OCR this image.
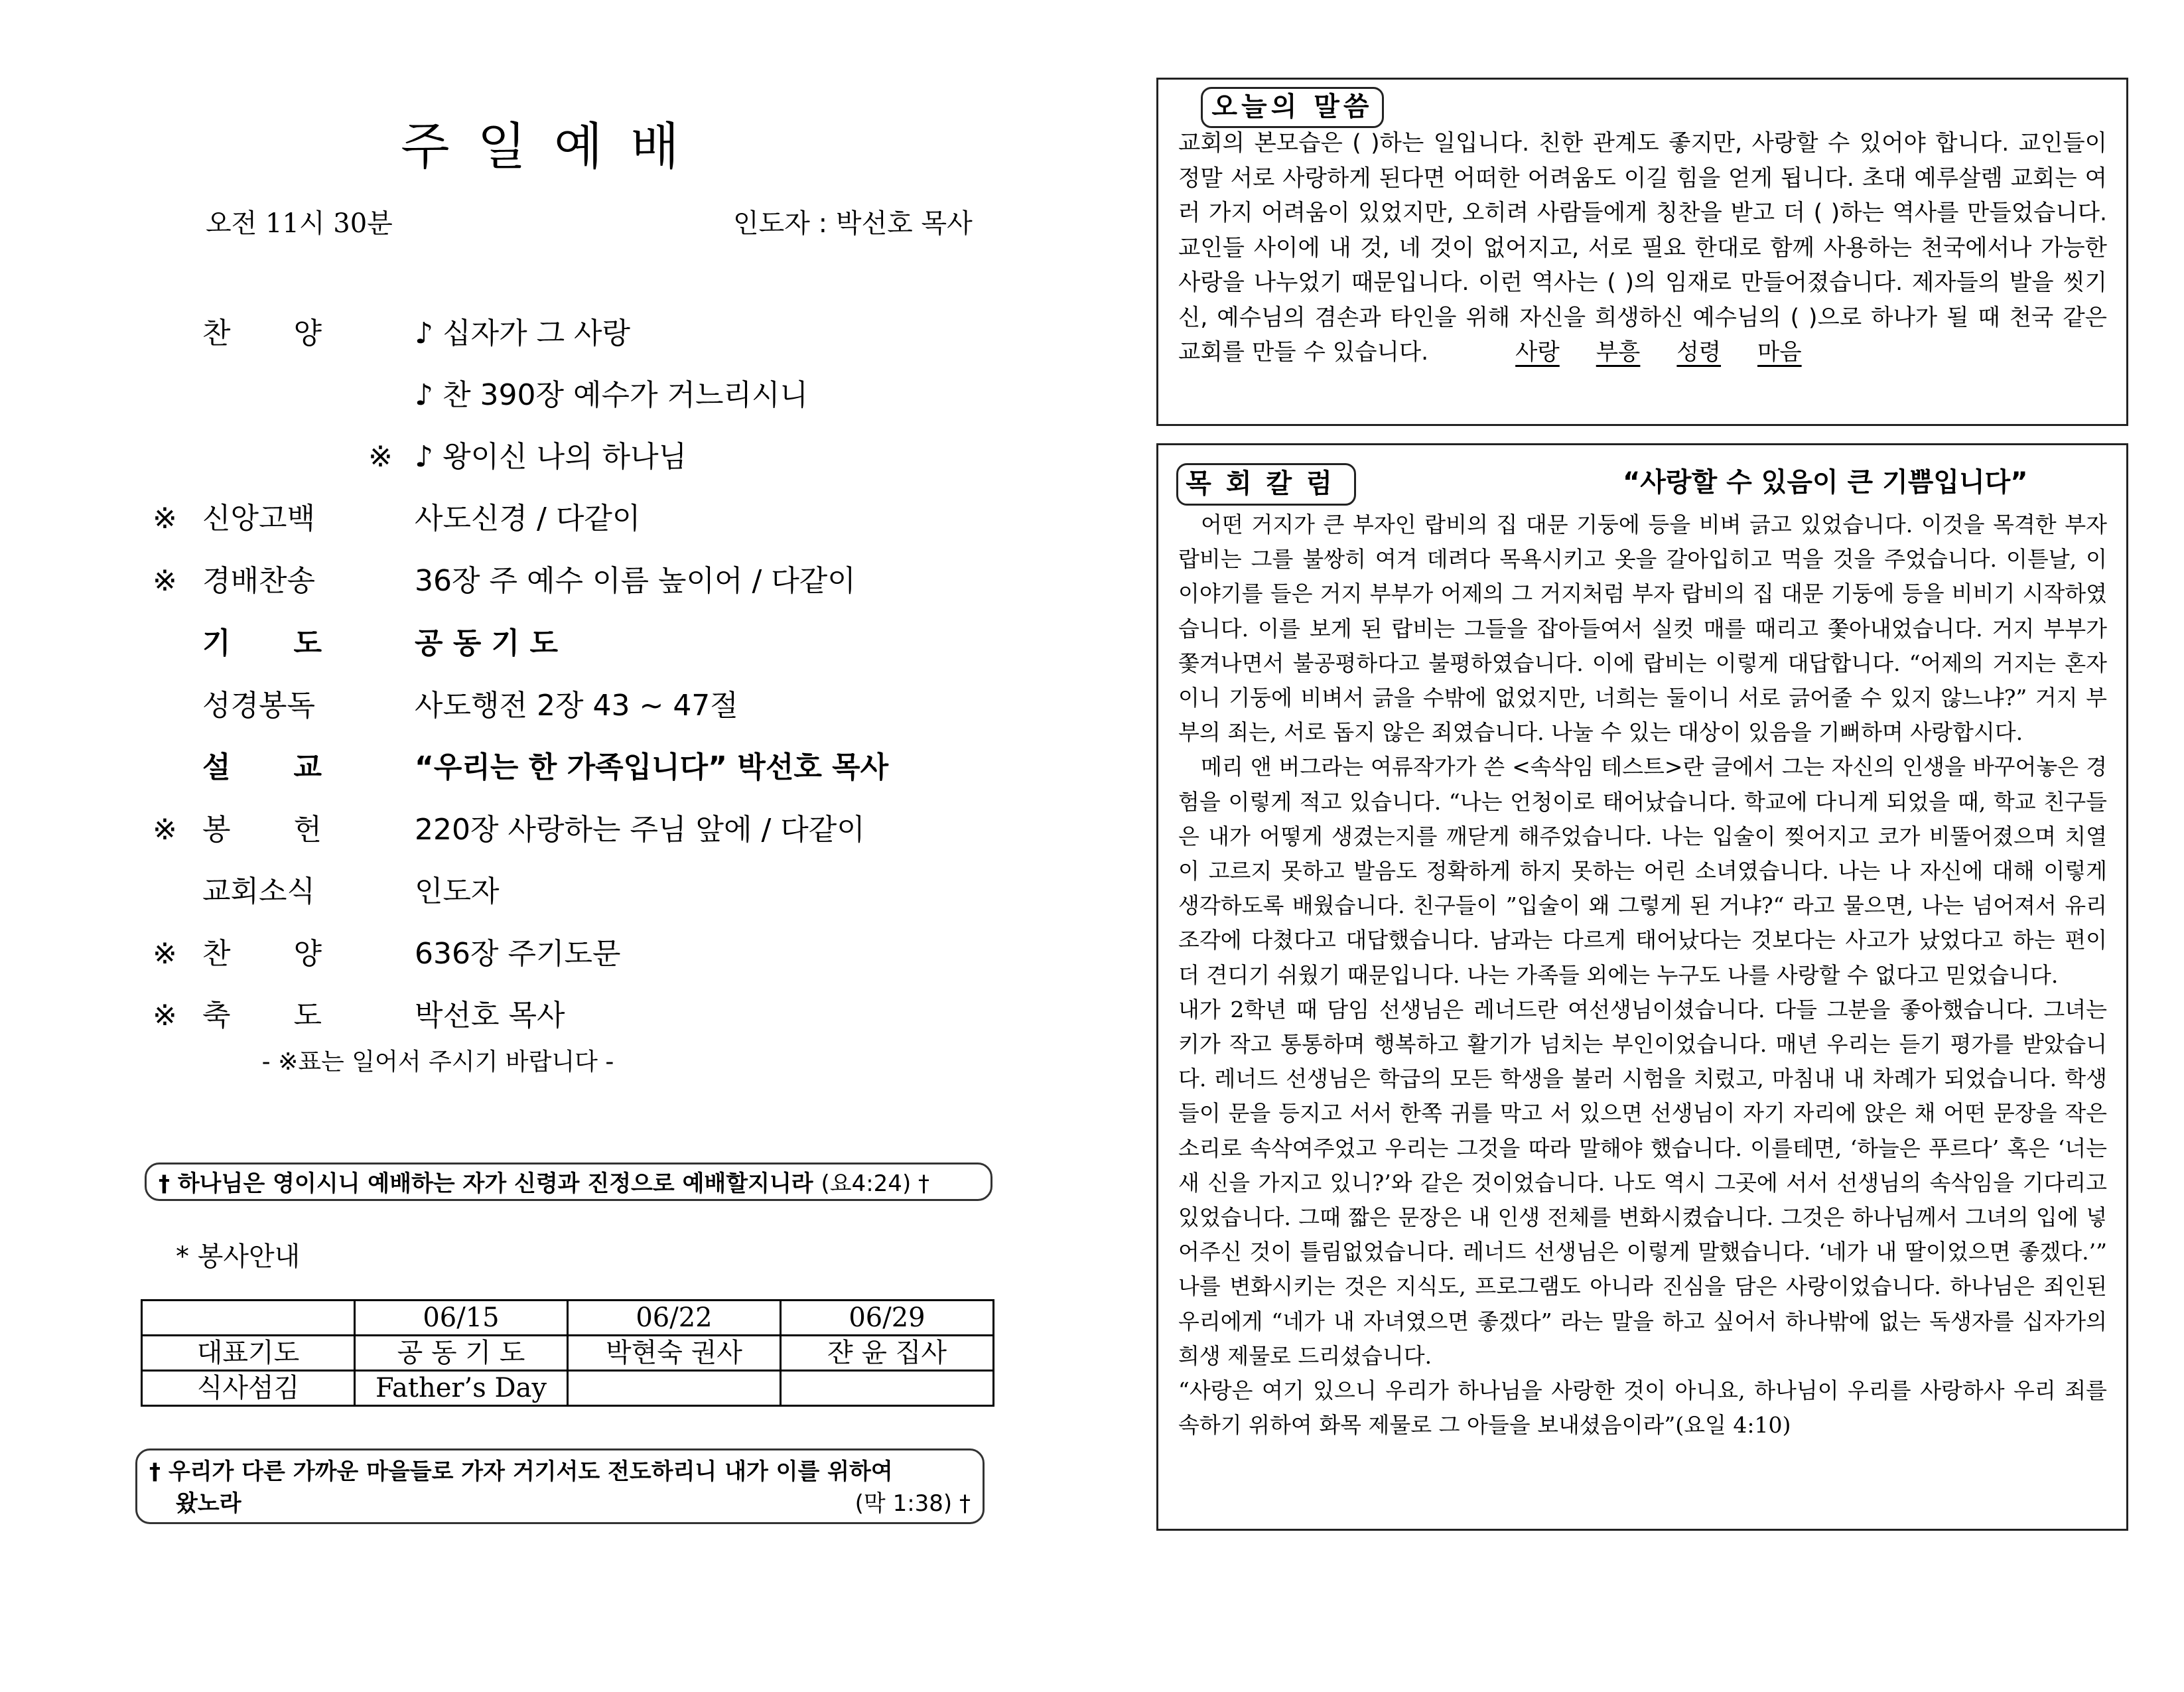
주일예배
오전 11시 30분	인도자 : 박선호 목사
찬 양	♪ 십자가 그 사랑
♪ 찬 390장 예수가 거느리시니
※ ♪ 왕이신 나의 하나님
※ 신앙고백	사도신경 / 다같이
※ 경배찬송	36장 주 예수 이름 높이어 / 다같이
기 도	공 동 기 도
성경봉독	사도행전 2장 43 ~ 47절
설 교	“우리는 한 가족입니다” 박선호 목사
※ 봉 헌	220장 사랑하는 주님 앞에 / 다같이
교회소식	인도자
※ 찬 양	636장 주기도문
※ 축 도	박선호 목사
- ※표는 일어서 주시기 바랍니다 -
† 하나님은 영이시니 예배하는 자가 신령과 진정으로 예배할지니라 (요4:24) †
* 봉사안내
	06/15	06/22	06/29
대표기도	공 동 기 도	박현숙 권사	쟌 윤 집사
식사섬김	Father’s Day		
† 우리가 다른 가까운 마을들로 가자 거기서도 전도하리니 내가 이를 위하여
왔노라	(막 1:38) †
오늘의 말씀
교회의 본모습은 ( )하는 일입니다. 친한 관계도 좋지만, 사랑할 수 있어야 합니다. 교인들이 정말 서로 사랑하게 된다면 어떠한 어려움도 이길 힘을 얻게 됩니다. 초대 예루살렘 교회는 여러 가지 어려움이 있었지만, 오히려 사람들에게 칭찬을 받고 더 ( )하는 역사를 만들었습니다. 교인들 사이에 내 것, 네 것이 없어지고, 서로 필요 한대로 함께 사용하는 천국에서나 가능한 사랑을 나누었기 때문입니다. 이런 역사는 ( )의 임재로 만들어졌습니다. 제자들의 발을 씻기신, 예수님의 겸손과 타인을 위해 자신을 희생하신 예수님의 ( )으로 하나가 될 때 천국 같은 교회를 만들 수 있습니다.	사랑 부흥 성령 마음
목회칼럼	“사랑할 수 있음이 큰 기쁨입니다”

어떤 거지가 큰 부자인 랍비의 집 대문 기둥에 등을 비벼 긁고 있었습니다. 이것을 목격한 부자 랍비는 그를 불쌍히 여겨 데려다 목욕시키고 옷을 갈아입히고 먹을 것을 주었습니다. 이튿날, 이 이야기를 들은 거지 부부가 어제의 그 거지처럼 부자 랍비의 집 대문 기둥에 등을 비비기 시작하였습니다. 이를 보게 된 랍비는 그들을 잡아들여서 실컷 매를 때리고 쫓아내었습니다. 거지 부부가 쫓겨나면서 불공평하다고 불평하였습니다. 이에 랍비는 이렇게 대답합니다. “어제의 거지는 혼자이니 기둥에 비벼서 긁을 수밖에 없었지만, 너희는 둘이니 서로 긁어줄 수 있지 않느냐?” 거지 부부의 죄는, 서로 돕지 않은 죄였습니다. 나눌 수 있는 대상이 있음을 기뻐하며 사랑합시다.

메리 앤 버그라는 여류작가가 쓴 <속삭임 테스트>란 글에서 그는 자신의 인생을 바꾸어놓은 경험을 이렇게 적고 있습니다. “나는 언청이로 태어났습니다. 학교에 다니게 되었을 때, 학교 친구들은 내가 어떻게 생겼는지를 깨닫게 해주었습니다. 나는 입술이 찢어지고 코가 비뚤어졌으며 치열이 고르지 못하고 발음도 정확하게 하지 못하는 어린 소녀였습니다. 나는 나 자신에 대해 이렇게 생각하도록 배웠습니다. 친구들이 ”입술이 왜 그렇게 된 거냐?“ 라고 물으면, 나는 넘어져서 유리 조각에 다쳤다고 대답했습니다. 남과는 다르게 태어났다는 것보다는 사고가 났었다고 하는 편이 더 견디기 쉬웠기 때문입니다. 나는 가족들 외에는 누구도 나를 사랑할 수 없다고 믿었습니다.

내가 2학년 때 담임 선생님은 레너드란 여선생님이셨습니다. 다들 그분을 좋아했습니다. 그녀는 키가 작고 통통하며 행복하고 활기가 넘치는 부인이었습니다. 매년 우리는 듣기 평가를 받았습니다. 레너드 선생님은 학급의 모든 학생을 불러 시험을 치렀고, 마침내 내 차례가 되었습니다. 학생들이 문을 등지고 서서 한쪽 귀를 막고 서 있으면 선생님이 자기 자리에 앉은 채 어떤 문장을 작은 소리로 속삭여주었고 우리는 그것을 따라 말해야 했습니다. 이를테면, ‘하늘은 푸르다’ 혹은 ‘너는 새 신을 가지고 있니?’와 같은 것이었습니다. 나도 역시 그곳에 서서 선생님의 속삭임을 기다리고 있었습니다. 그때 짧은 문장은 내 인생 전체를 변화시켰습니다. 그것은 하나님께서 그녀의 입에 넣어주신 것이 틀림없었습니다. 레너드 선생님은 이렇게 말했습니다. ‘네가 내 딸이었으면 좋겠다.’” 나를 변화시키는 것은 지식도, 프로그램도 아니라 진심을 담은 사랑이었습니다. 하나님은 죄인된 우리에게 “네가 내 자녀였으면 좋겠다” 라는 말을 하고 싶어서 하나밖에 없는 독생자를 십자가의 희생 제물로 드리셨습니다.

“사랑은 여기 있으니 우리가 하나님을 사랑한 것이 아니요, 하나님이 우리를 사랑하사 우리 죄를 속하기 위하여 화목 제물로 그 아들을 보내셨음이라”(요일 4:10)
